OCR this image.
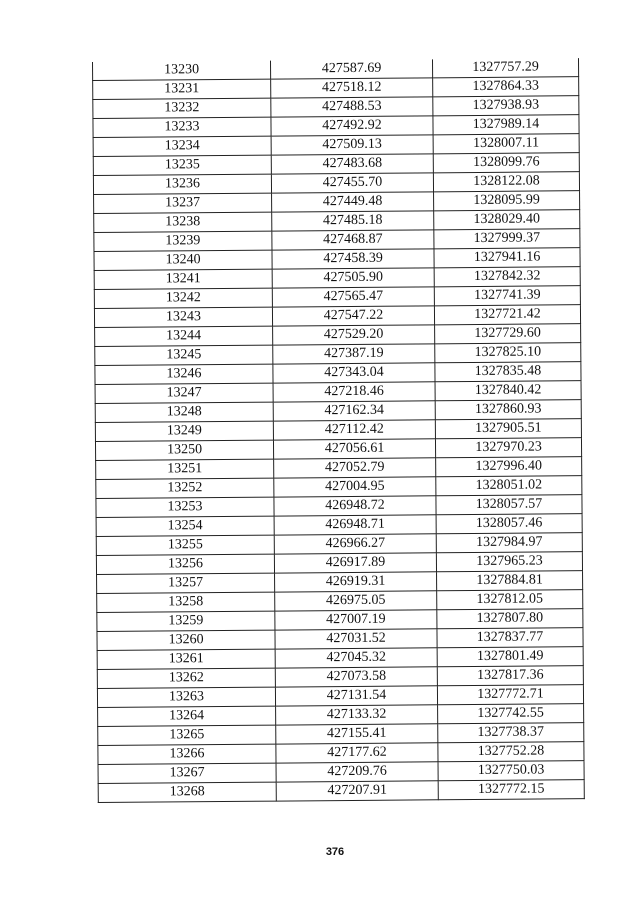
13230	427587.69	1327757.29
13231	427518.12	1327864.33
13232	427488.53	1327938.93
13233	427492.92	1327989.14
13234	427509.13	1328007.11
13235	427483.68	1328099.76
13236	427455.70	1328122.08
13237	427449.48	1328095.99
13238	427485.18	1328029.40
13239	427468.87	1327999.37
13240	427458.39	1327941.16
13241	427505.90	1327842.32
13242	427565.47	1327741.39
13243	427547.22	1327721.42
13244	427529.20	1327729.60
13245	427387.19	1327825.10
13246	427343.04	1327835.48
13247	427218.46	1327840.42
13248	427162.34	1327860.93
13249	427112.42	1327905.51
13250	427056.61	1327970.23
13251	427052.79	1327996.40
13252	427004.95	1328051.02
13253	426948.72	1328057.57
13254	426948.71	1328057.46
13255	426966.27	1327984.97
13256	426917.89	1327965.23
13257	426919.31	1327884.81
13258	426975.05	1327812.05
13259	427007.19	1327807.80
13260	427031.52	1327837.77
13261	427045.32	1327801.49
13262	427073.58	1327817.36
13263	427131.54	1327772.71
13264	427133.32	1327742.55
13265	427155.41	1327738.37
13266	427177.62	1327752.28
13267	427209.76	1327750.03
13268	427207.91	1327772.15
376
